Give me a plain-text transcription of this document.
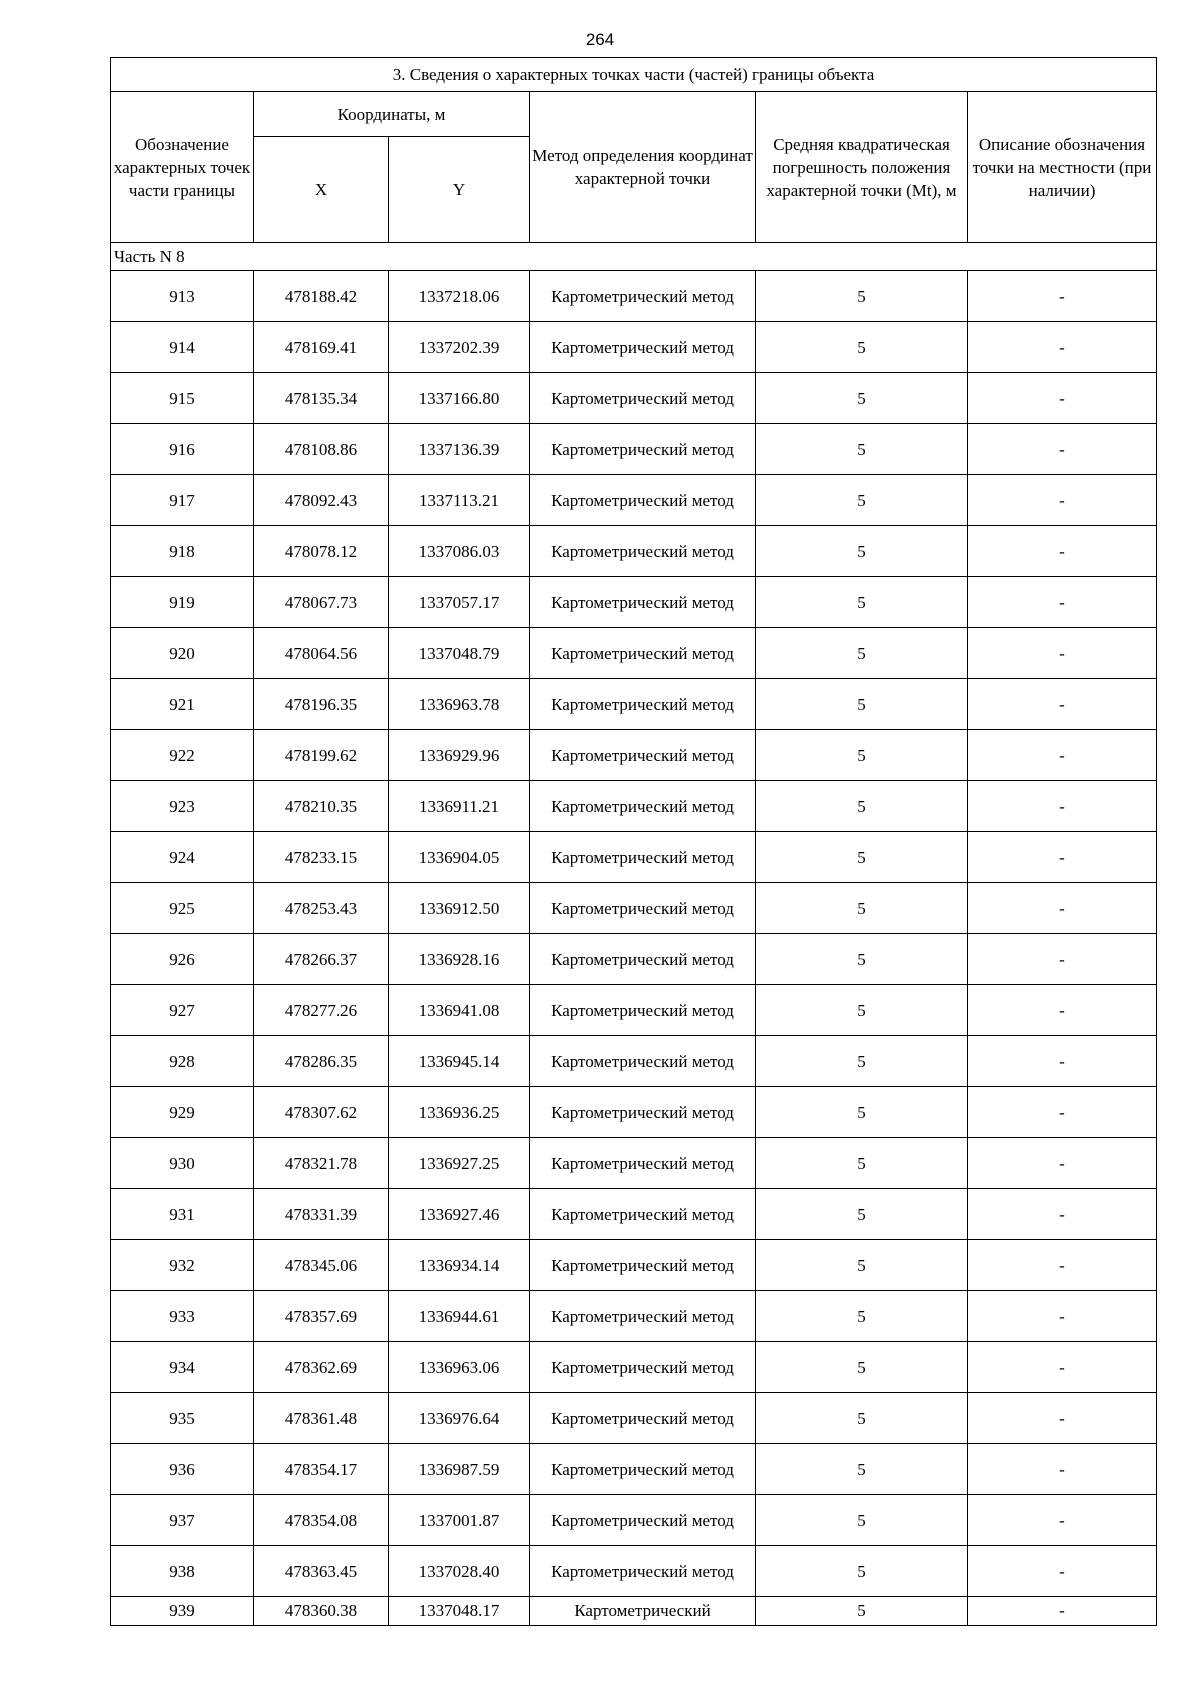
264
3. Сведения о характерных точках части (частей) границы объекта					
Обозначение характерных точек части границы	Координаты, м		Метод определения координат характерной точки	Средняя квадратическая погрешность положения характерной точки (Mt), м	Описание обозначения точки на местности (при наличии)
	X	Y			
Часть N 8					
913	478188.42	1337218.06	Картометрический метод	5	-
914	478169.41	1337202.39	Картометрический метод	5	-
915	478135.34	1337166.80	Картометрический метод	5	-
916	478108.86	1337136.39	Картометрический метод	5	-
917	478092.43	1337113.21	Картометрический метод	5	-
918	478078.12	1337086.03	Картометрический метод	5	-
919	478067.73	1337057.17	Картометрический метод	5	-
920	478064.56	1337048.79	Картометрический метод	5	-
921	478196.35	1336963.78	Картометрический метод	5	-
922	478199.62	1336929.96	Картометрический метод	5	-
923	478210.35	1336911.21	Картометрический метод	5	-
924	478233.15	1336904.05	Картометрический метод	5	-
925	478253.43	1336912.50	Картометрический метод	5	-
926	478266.37	1336928.16	Картометрический метод	5	-
927	478277.26	1336941.08	Картометрический метод	5	-
928	478286.35	1336945.14	Картометрический метод	5	-
929	478307.62	1336936.25	Картометрический метод	5	-
930	478321.78	1336927.25	Картометрический метод	5	-
931	478331.39	1336927.46	Картометрический метод	5	-
932	478345.06	1336934.14	Картометрический метод	5	-
933	478357.69	1336944.61	Картометрический метод	5	-
934	478362.69	1336963.06	Картометрический метод	5	-
935	478361.48	1336976.64	Картометрический метод	5	-
936	478354.17	1336987.59	Картометрический метод	5	-
937	478354.08	1337001.87	Картометрический метод	5	-
938	478363.45	1337028.40	Картометрический метод	5	-
939	478360.38	1337048.17	Картометрический	5	-
